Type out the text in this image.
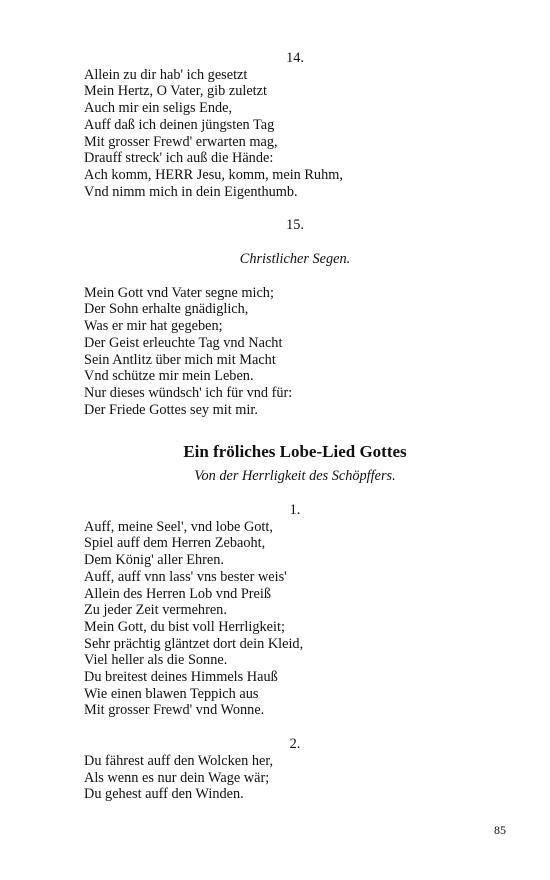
14.
Allein zu dir hab' ich gesetzt
Mein Hertz, O Vater, gib zuletzt
Auch mir ein seligs Ende,
Auff daß ich deinen jüngsten Tag
Mit grosser Frewd' erwarten mag,
Drauff streck' ich auß die Hände:
Ach komm, HERR Jesu, komm, mein Ruhm,
Vnd nimm mich in dein Eigenthumb.
15.
Christlicher Segen.
Mein Gott vnd Vater segne mich;
Der Sohn erhalte gnädiglich,
Was er mir hat gegeben;
Der Geist erleuchte Tag vnd Nacht
Sein Antlitz über mich mit Macht
Vnd schütze mir mein Leben.
Nur dieses wündsch' ich für vnd für:
Der Friede Gottes sey mit mir.
Ein fröliches Lobe-Lied Gottes
Von der Herrligkeit des Schöpffers.
1.
Auff, meine Seel', vnd lobe Gott,
Spiel auff dem Herren Zebaoht,
Dem König' aller Ehren.
Auff, auff vnn lass' vns bester weis'
Allein des Herren Lob vnd Preiß
Zu jeder Zeit vermehren.
Mein Gott, du bist voll Herrligkeit;
Sehr prächtig gläntzet dort dein Kleid,
Viel heller als die Sonne.
Du breitest deines Himmels Hauß
Wie einen blawen Teppich aus
Mit grosser Frewd' vnd Wonne.
2.
Du fährest auff den Wolcken her,
Als wenn es nur dein Wage wär;
Du gehest auff den Winden.
85
